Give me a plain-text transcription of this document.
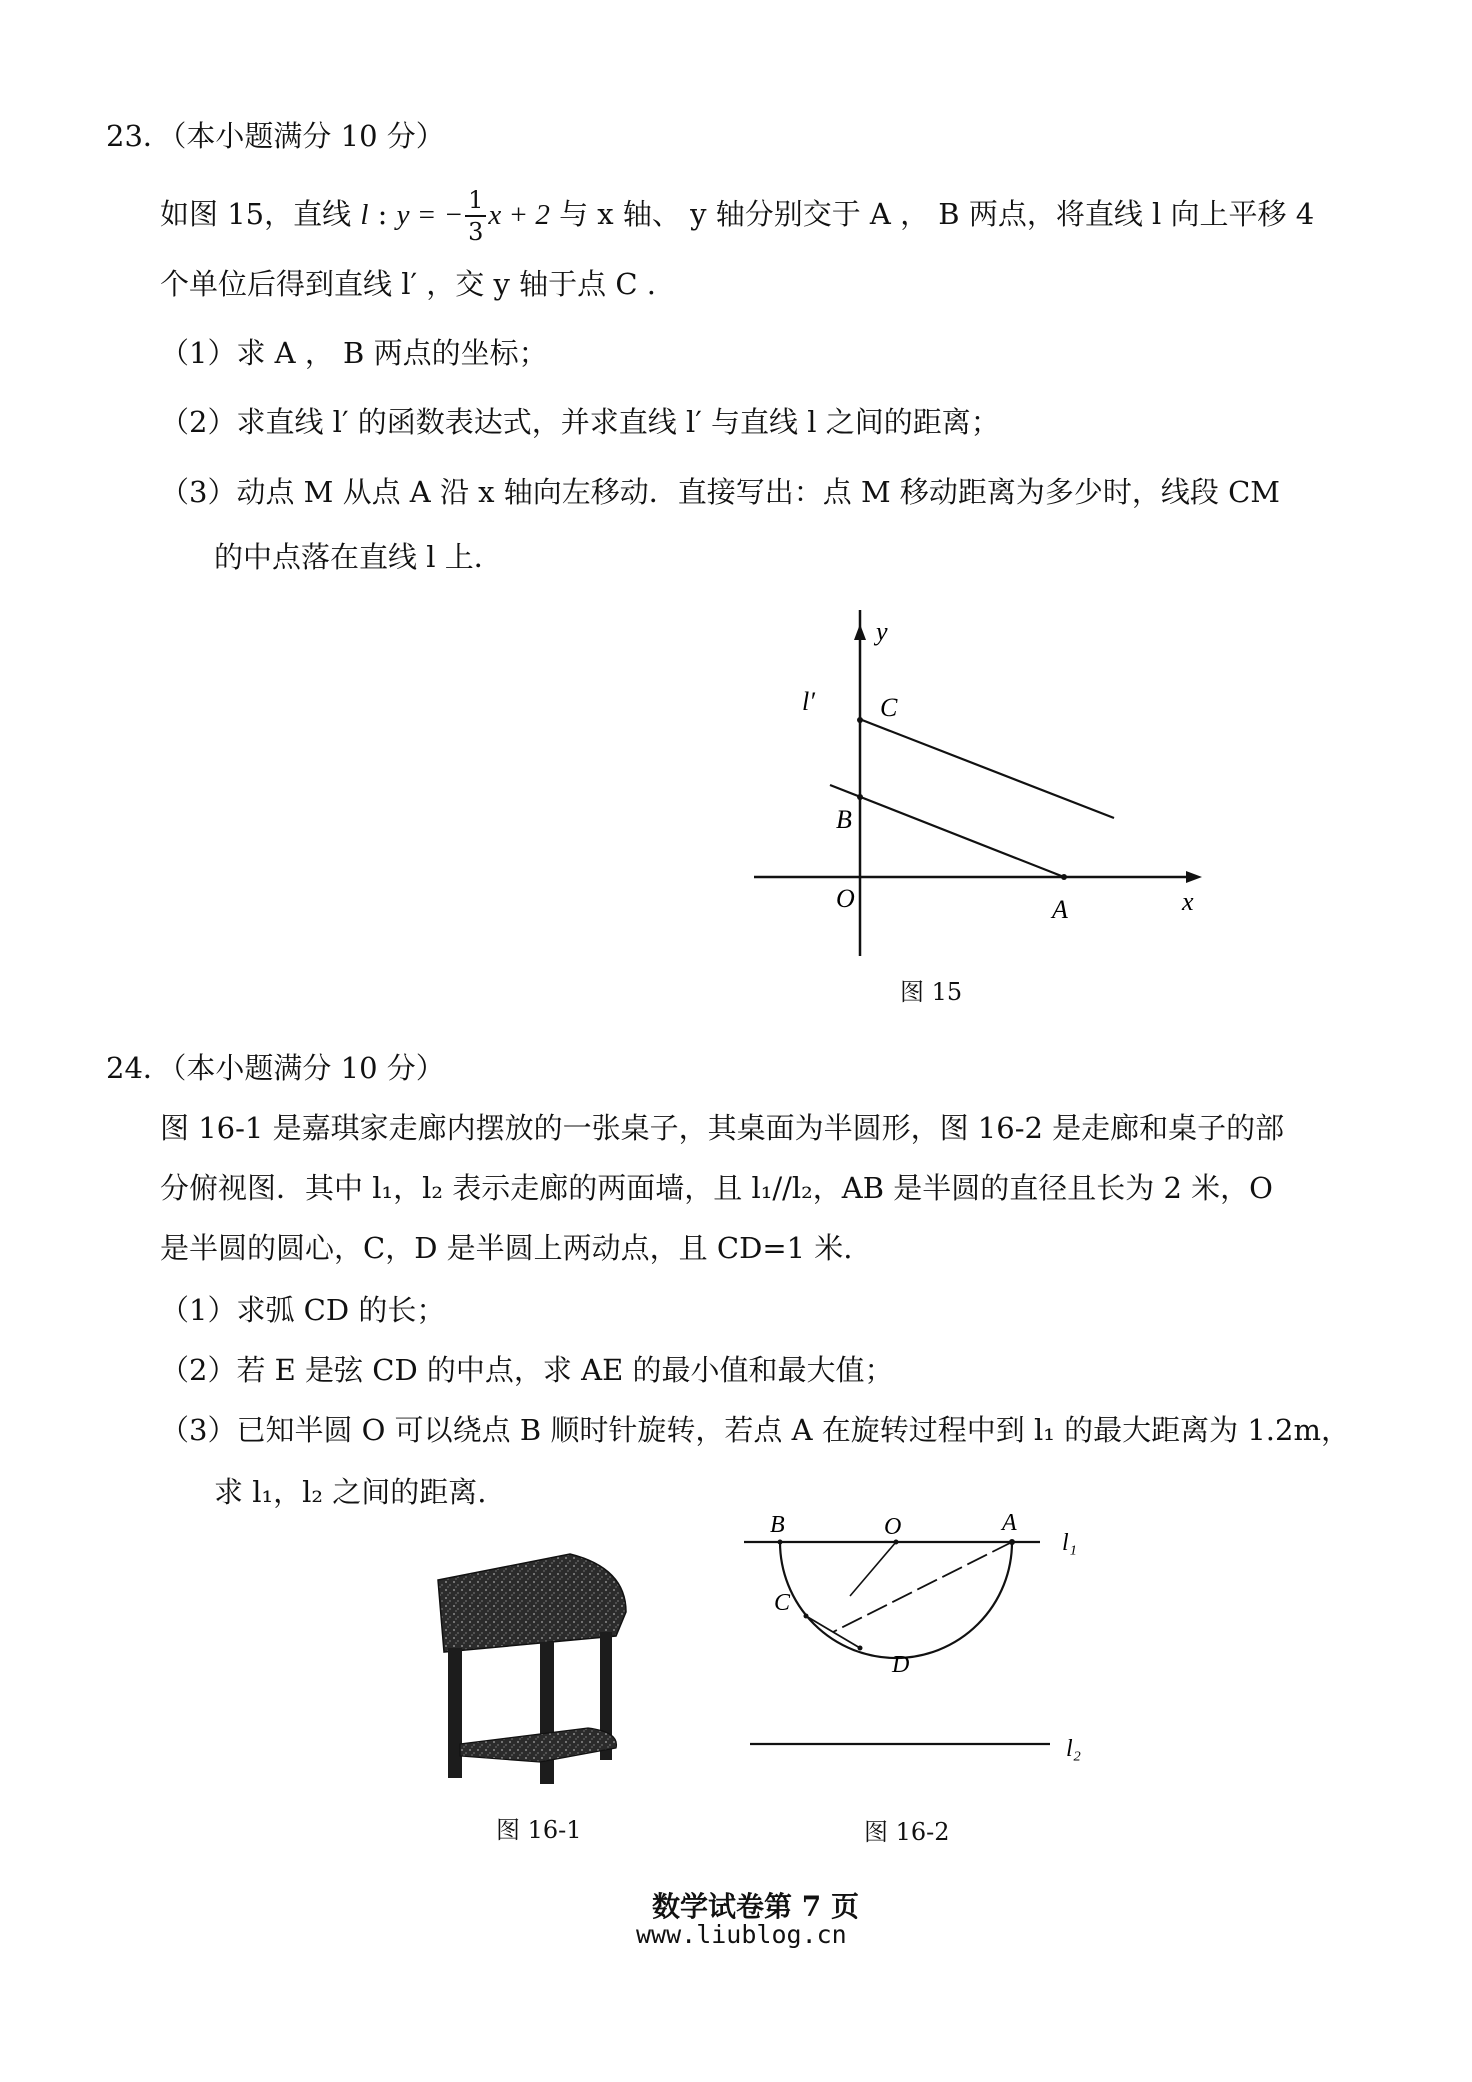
23．（本小题满分 10 分）
如图 15，直线 l : y = − $\frac{1}{3}$ x + 2 与 x 轴、 y 轴分别交于 A ， B 两点，将直线 l 向上平移 4
个单位后得到直线 l′ ，交 y 轴于点 C .
（1）求 A ， B 两点的坐标；
（2）求直线 l′ 的函数表达式，并求直线 l′ 与直线 l 之间的距离；
（3）动点 M 从点 A 沿 x 轴向左移动．直接写出：点 M 移动距离为多少时，线段 CM
的中点落在直线 l 上．
y
x
O	A
B
C
l′
图 15
24．（本小题满分 10 分）
图 16-1 是嘉琪家走廊内摆放的一张桌子，其桌面为半圆形，图 16-2 是走廊和桌子的部
分俯视图．其中 l₁，l₂ 表示走廊的两面墙，且 l₁//l₂，AB 是半圆的直径且长为 2 米，O
是半圆的圆心，C，D 是半圆上两动点，且 CD=1 米.
（1）求弧 CD 的长；
（2）若 E 是弦 CD 的中点，求 AE 的最小值和最大值；
（3）已知半圆 O 可以绕点 B 顺时针旋转，若点 A 在旋转过程中到 l₁ 的最大距离为 1.2m，
求 l₁，l₂ 之间的距离.
图 16-1
B	O	A
C
D
l₁
l₂
图 16-2
数学试卷第 7 页
www.liublog.cn
